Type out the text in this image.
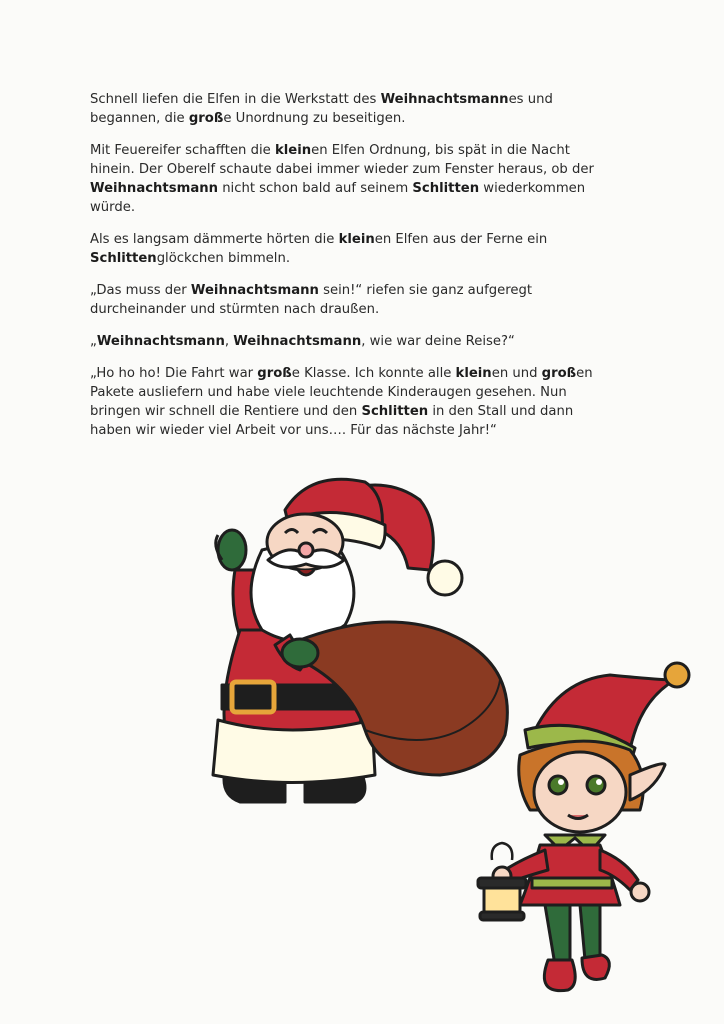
Schnell liefen die Elfen in die Werkstatt des Weihnachtsmannes und begannen, die große Unordnung zu beseitigen.

Mit Feuereifer schafften die kleinen Elfen Ordnung, bis spät in die Nacht hinein. Der Oberelf schaute dabei immer wieder zum Fenster heraus, ob der Weihnachtsmann nicht schon bald auf seinem Schlitten wiederkommen würde.

Als es langsam dämmerte hörten die kleinen Elfen aus der Ferne ein Schlittenglöckchen bimmeln.

„Das muss der Weihnachtsmann sein!“ riefen sie ganz aufgeregt durcheinander und stürmten nach draußen.

„Weihnachtsmann, Weihnachtsmann, wie war deine Reise?“

„Ho ho ho! Die Fahrt war große Klasse. Ich konnte alle kleinen und großen Pakete ausliefern und habe viele leuchtende Kinderaugen gesehen. Nun bringen wir schnell die Rentiere und den Schlitten in den Stall und dann haben wir wieder viel Arbeit vor uns…. Für das nächste Jahr!“
